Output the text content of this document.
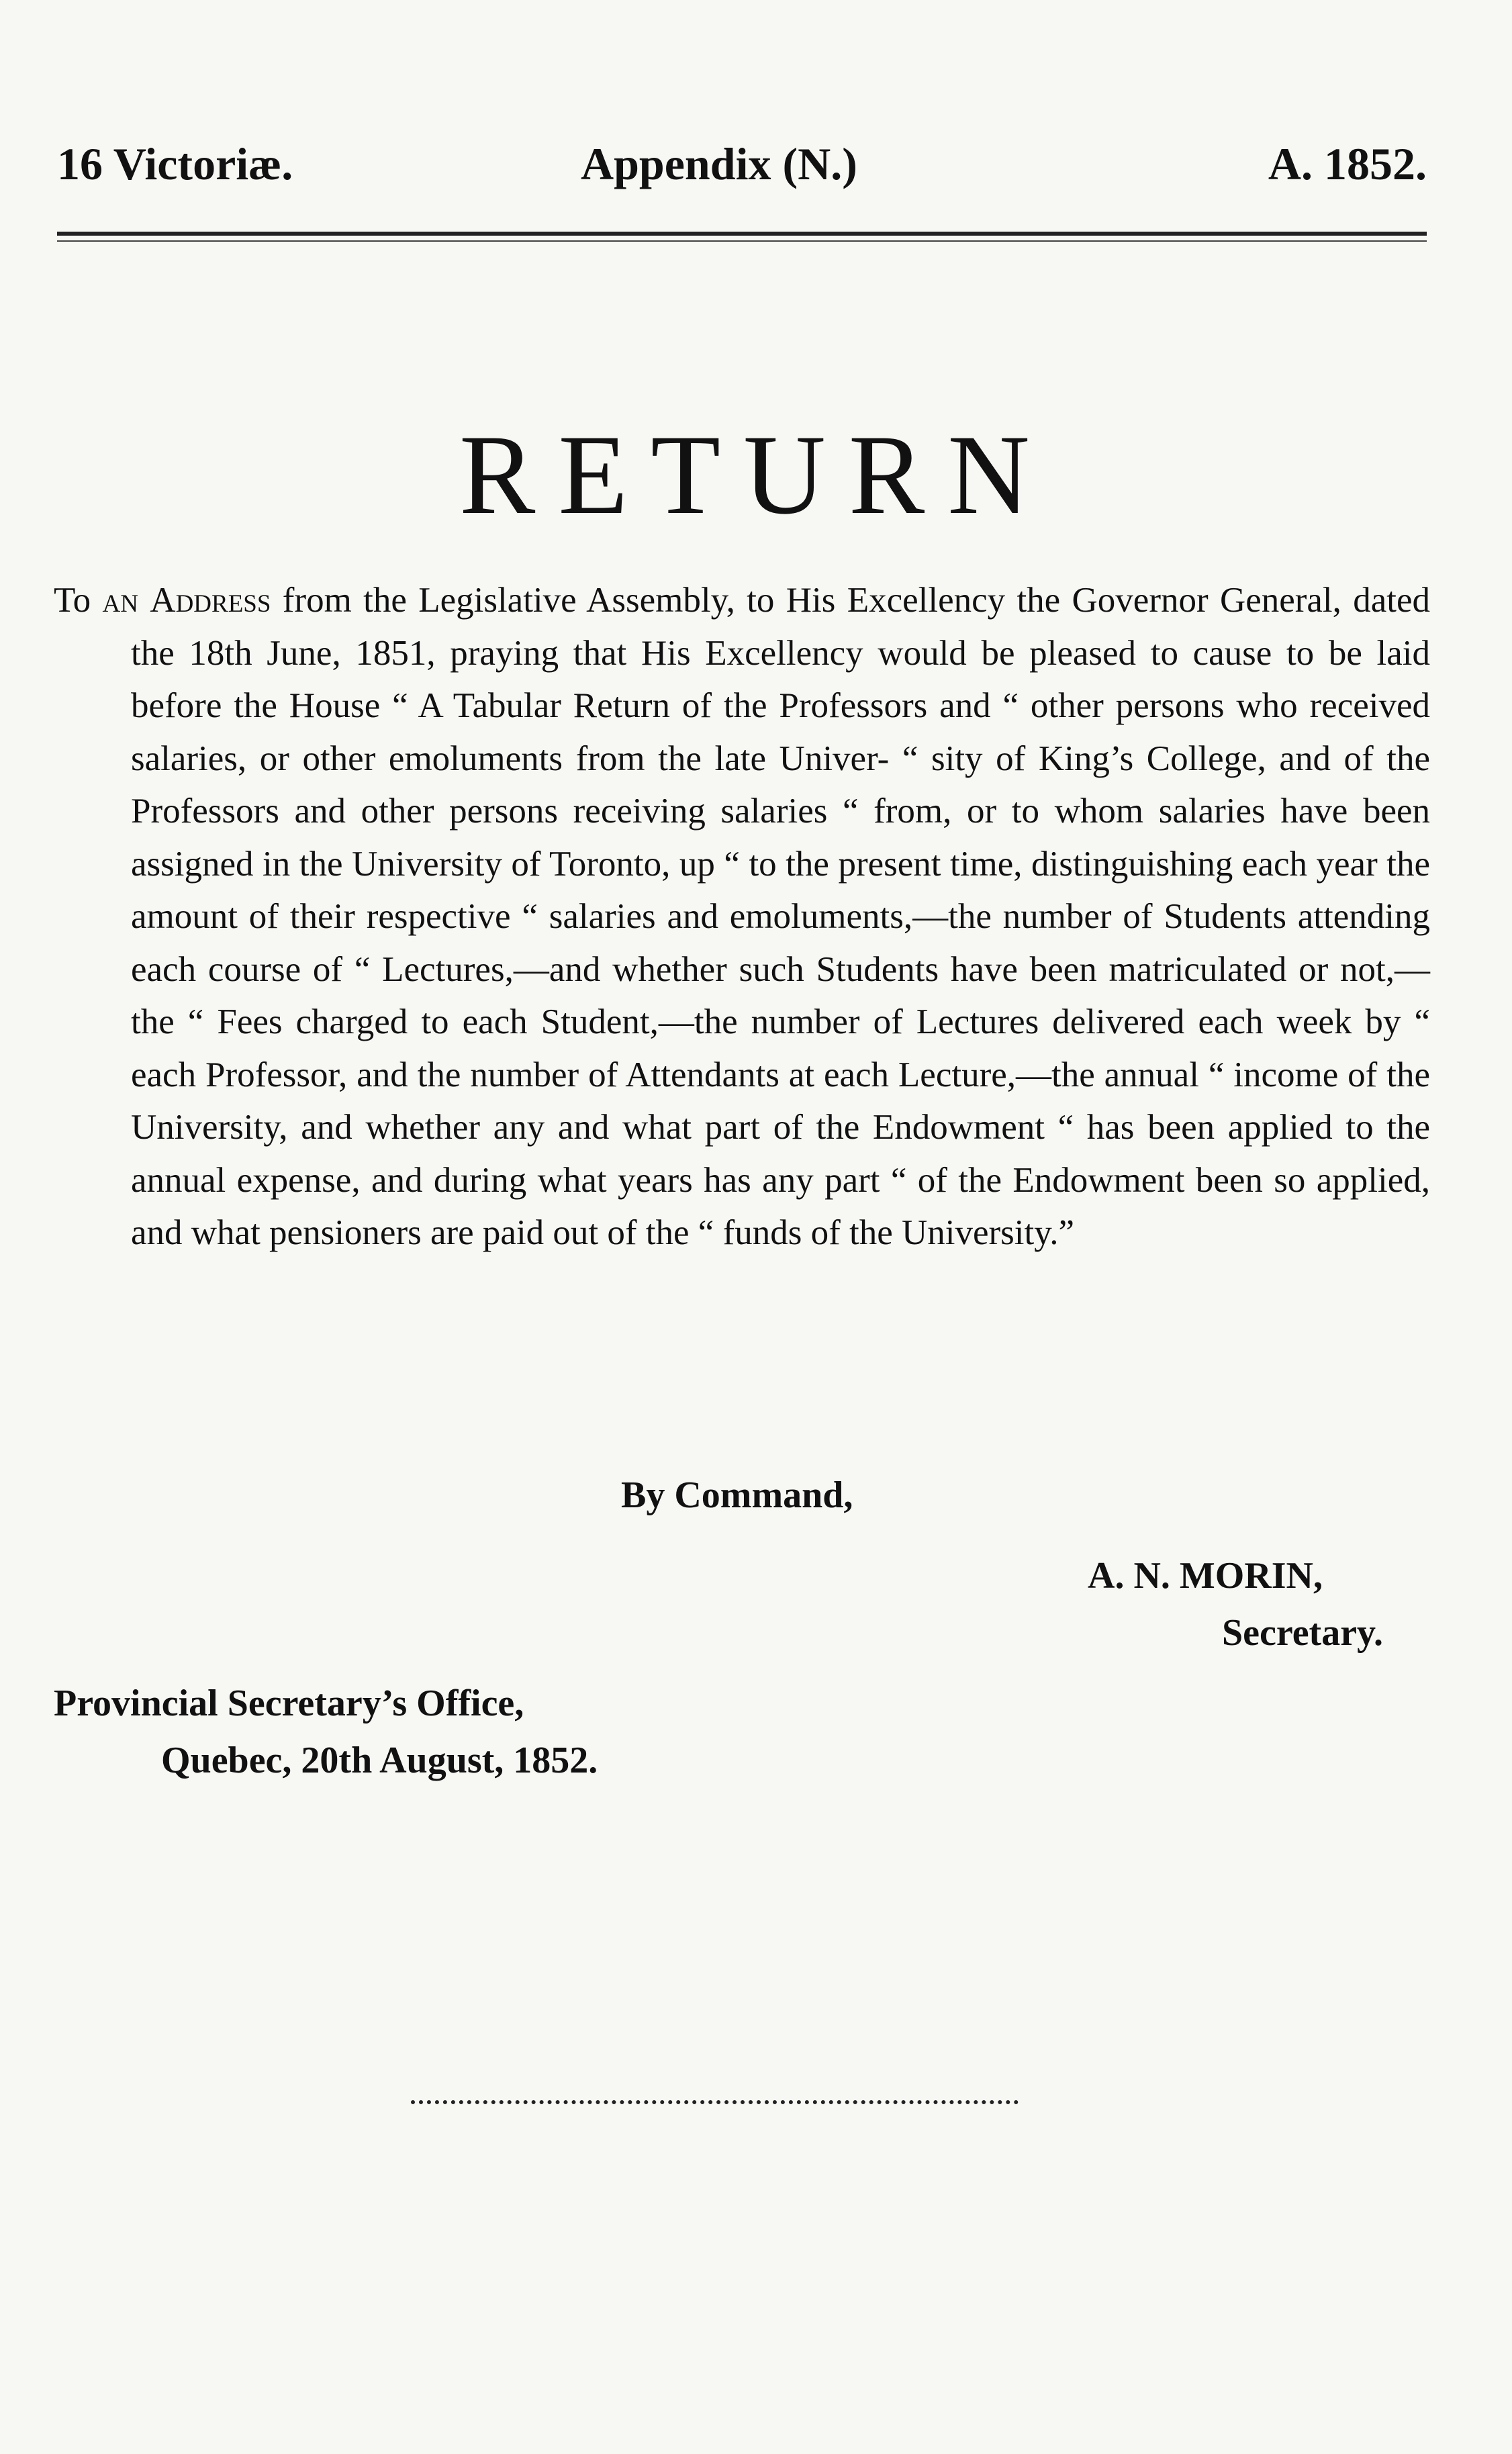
16 Victoriæ.	Appendix (N.)	A. 1852.
RETURN

To an Address from the Legislative Assembly, to His Excellency the Governor General, dated the 18th June, 1851, praying that His Excellency would be pleased to cause to be laid before the House “ A Tabular Return of the Professors and “ other persons who received salaries, or other emoluments from the late Univer- “ sity of King’s College, and of the Professors and other persons receiving salaries “ from, or to whom salaries have been assigned in the University of Toronto, up “ to the present time, distinguishing each year the amount of their respective “ salaries and emoluments,—the number of Students attending each course of “ Lectures,—and whether such Students have been matriculated or not,—the “ Fees charged to each Student,—the number of Lectures delivered each week by “ each Professor, and the number of Attendants at each Lecture,—the annual “ income of the University, and whether any and what part of the Endowment “ has been applied to the annual expense, and during what years has any part “ of the Endowment been so applied, and what pensioners are paid out of the “ funds of the University.”

By Command,
A. N. MORIN,
Secretary.
Provincial Secretary’s Office,
Quebec, 20th August, 1852.
